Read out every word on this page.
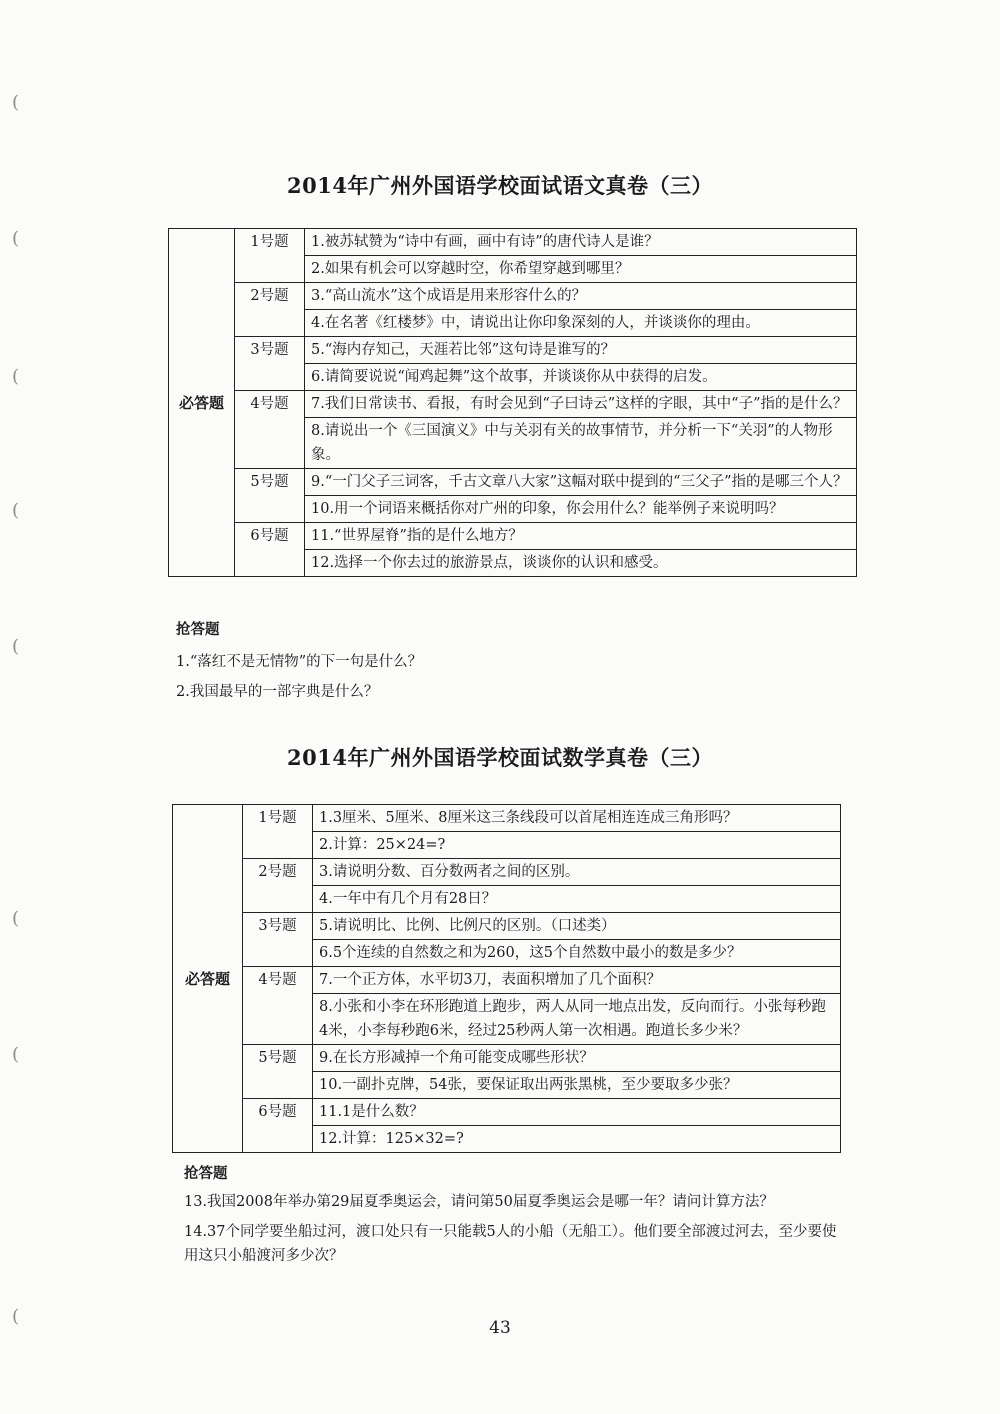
(
(
(
(
(
(
(
(
2014年广州外国语学校面试语文真卷（三）
必答题	1号题	1.被苏轼赞为“诗中有画，画中有诗”的唐代诗人是谁？
		2.如果有机会可以穿越时空，你希望穿越到哪里？
	2号题	3.“高山流水”这个成语是用来形容什么的？
		4.在名著《红楼梦》中，请说出让你印象深刻的人，并谈谈你的理由。
	3号题	5.“海内存知己，天涯若比邻”这句诗是谁写的？
		6.请简要说说“闻鸡起舞”这个故事，并谈谈你从中获得的启发。
	4号题	7.我们日常读书、看报，有时会见到“子曰诗云”这样的字眼，其中“子”指的是什么？
		8.请说出一个《三国演义》中与关羽有关的故事情节，并分析一下“关羽”的人物形象。
	5号题	9.“一门父子三词客，千古文章八大家”这幅对联中提到的“三父子”指的是哪三个人？
		10.用一个词语来概括你对广州的印象，你会用什么？能举例子来说明吗？
	6号题	11.“世界屋脊”指的是什么地方？
		12.选择一个你去过的旅游景点，谈谈你的认识和感受。

抢答题

1.“落红不是无情物”的下一句是什么？

2.我国最早的一部字典是什么？

2014年广州外国语学校面试数学真卷（三）
必答题	1号题	1.3厘米、5厘米、8厘米这三条线段可以首尾相连连成三角形吗？
		2.计算：25×24=?
	2号题	3.请说明分数、百分数两者之间的区别。
		4.一年中有几个月有28日？
	3号题	5.请说明比、比例、比例尺的区别。（口述类）
		6.5个连续的自然数之和为260，这5个自然数中最小的数是多少？
	4号题	7.一个正方体，水平切3刀，表面积增加了几个面积？
		8.小张和小李在环形跑道上跑步，两人从同一地点出发，反向而行。小张每秒跑4米，小李每秒跑6米，经过25秒两人第一次相遇。跑道长多少米？
	5号题	9.在长方形减掉一个角可能变成哪些形状？
		10.一副扑克牌，54张，要保证取出两张黑桃，至少要取多少张？
	6号题	11.1是什么数？
		12.计算：125×32=?

抢答题

13.我国2008年举办第29届夏季奥运会，请问第50届夏季奥运会是哪一年？请问计算方法？

14.37个同学要坐船过河，渡口处只有一只能载5人的小船（无船工）。他们要全部渡过河去，至少要使用这只小船渡河多少次？

43
